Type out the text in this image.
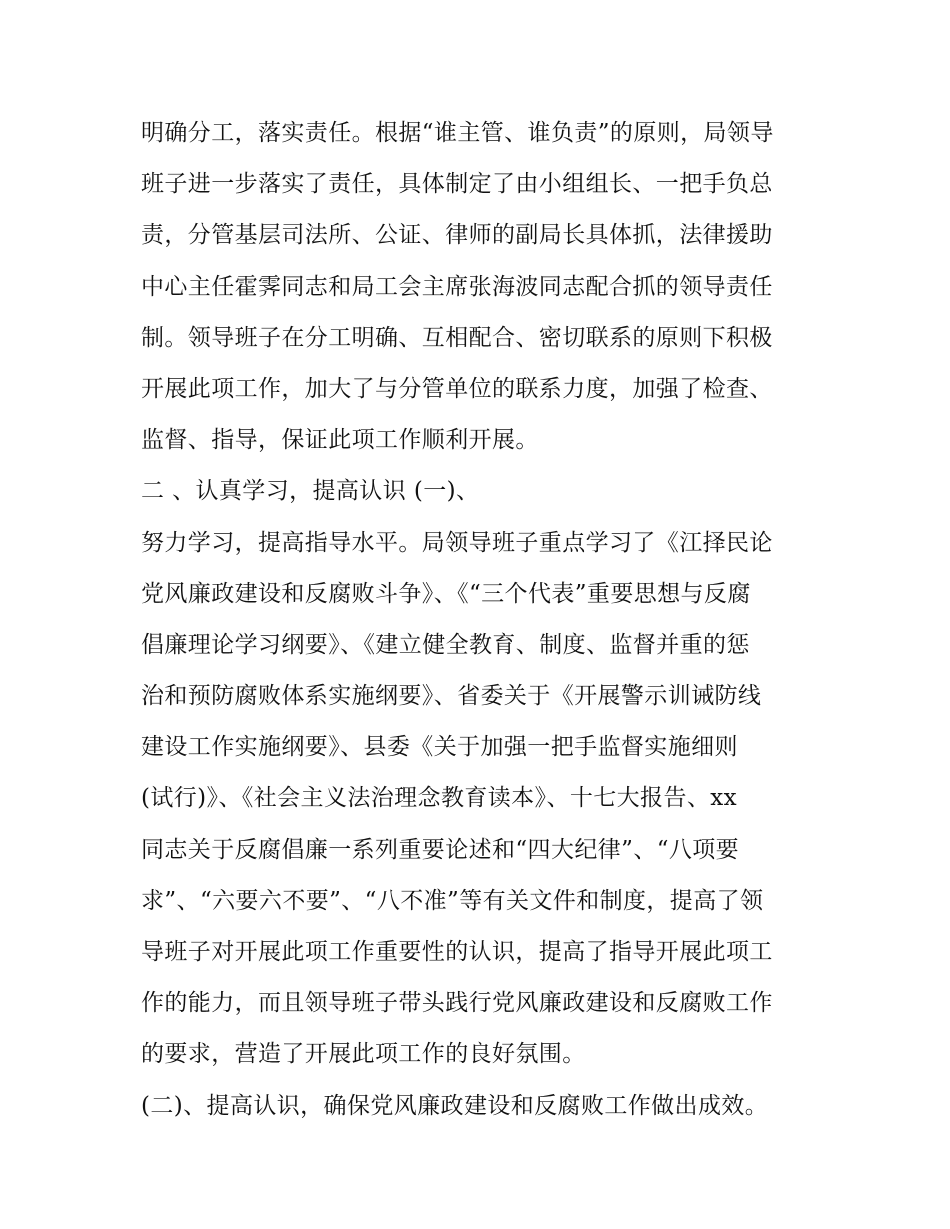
明确分工，落实责任。根据“谁主管、谁负责”的原则，局领导
班子进一步落实了责任，具体制定了由小组组长、一把手负总
责，分管基层司法所、公证、律师的副局长具体抓，法律援助
中心主任霍霁同志和局工会主席张海波同志配合抓的领导责任
制。领导班子在分工明确、互相配合、密切联系的原则下积极
开展此项工作，加大了与分管单位的联系力度，加强了检查、
监督、指导，保证此项工作顺利开展。
二 、认真学习，提高认识 (一)、
努力学习，提高指导水平。局领导班子重点学习了《江择民论
党风廉政建设和反腐败斗争》、《“三个代表”重要思想与反腐
倡廉理论学习纲要》、《建立健全教育、制度、监督并重的惩
治和预防腐败体系实施纲要》、省委关于《开展警示训诫防线
建设工作实施纲要》、县委《关于加强一把手监督实施细则
(试行)》、《社会主义法治理念教育读本》、十七大报告、xx
同志关于反腐倡廉一系列重要论述和“四大纪律”、“八项要
求”、“六要六不要”、“八不准”等有关文件和制度，提高了领
导班子对开展此项工作重要性的认识，提高了指导开展此项工
作的能力，而且领导班子带头践行党风廉政建设和反腐败工作
的要求，营造了开展此项工作的良好氛围。
(二)、提高认识，确保党风廉政建设和反腐败工作做出成效。
